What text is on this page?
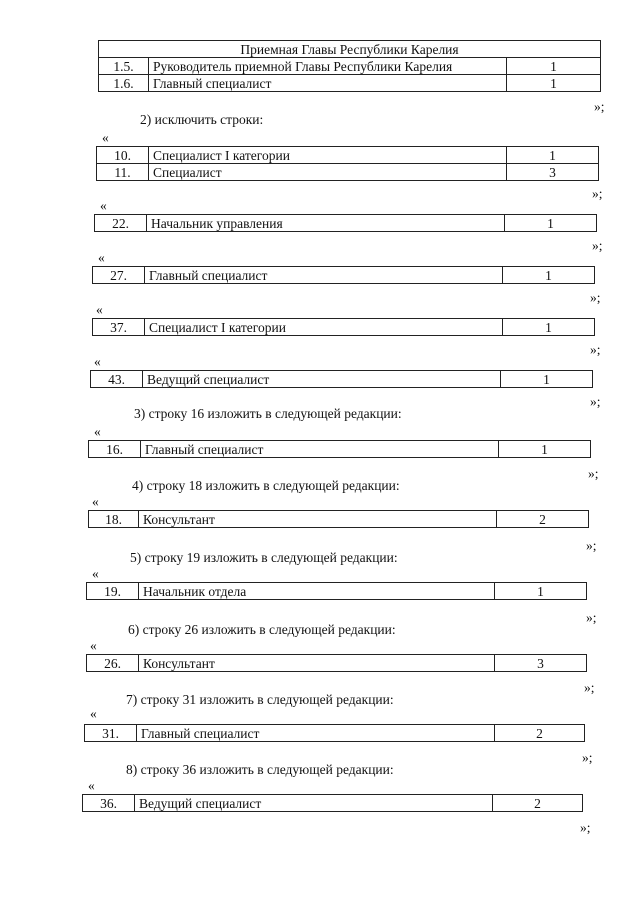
Приемная Главы Республики Карелия		
1.5.	Руководитель приемной Главы Республики Карелия	1
1.6.	Главный специалист	1
»;
2) исключить строки:
«
10.	Специалист I категории	1
11.	Специалист	3
»;
«
22.	Начальник управления	1
»;
«
27.	Главный специалист	1
»;
«
37.	Специалист I категории	1
»;
«
43.	Ведущий специалист	1
»;
3) строку 16 изложить в следующей редакции:
«
16.	Главный специалист	1
»;
4) строку 18 изложить в следующей редакции:
«
18.	Консультант	2
»;
5) строку 19 изложить в следующей редакции:
«
19.	Начальник отдела	1
»;
6) строку 26 изложить в следующей редакции:
«
26.	Консультант	3
»;
7) строку 31 изложить в следующей редакции:
«
31.	Главный специалист	2
»;
8) строку 36 изложить в следующей редакции:
«
36.	Ведущий специалист	2
»;
